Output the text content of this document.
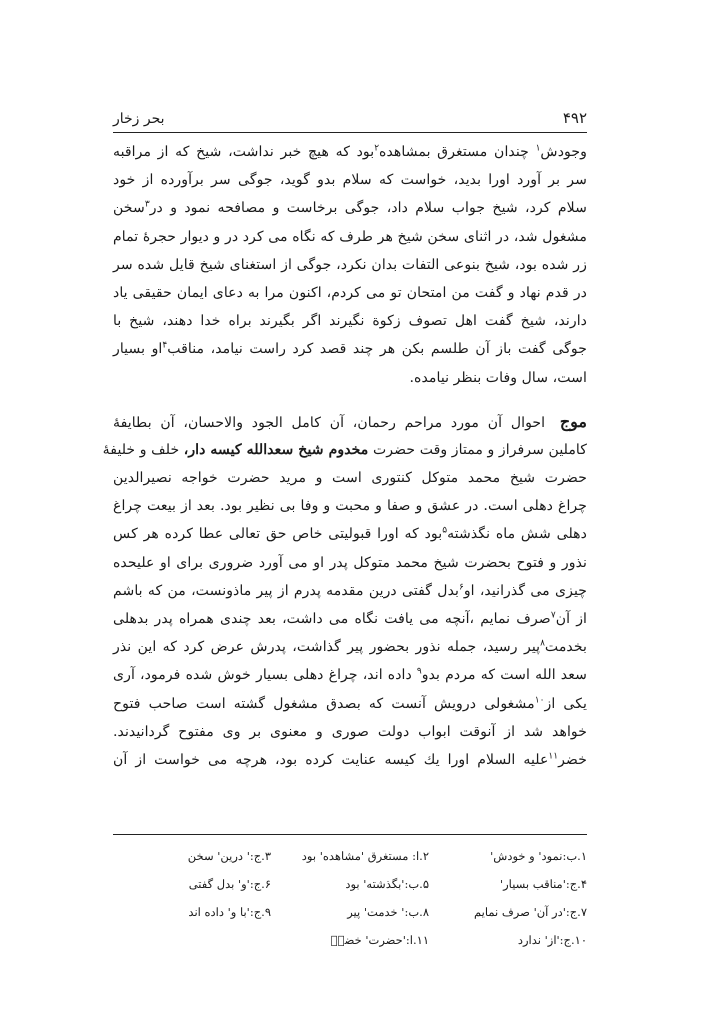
۴۹۲
بحر زخار
وجودش$^۱$ چندان مستغرق بمشاهده$^۲$بود که هیچ خبر نداشت، شیخ که از مراقبه
سر بر آورد اورا بدید، خواست که سلام بدو گوید، جوگی سر برآورده از خود
سلام کرد، شیخ جواب سلام داد، جوگی برخاست و مصافحه نمود و در$^۳$سخن
مشغول شد، در اثنای سخن شیخ هر طرف که نگاه می کرد در و دیوار حجرهٔ تمام
زر شده بود، شیخ بنوعی التفات بدان نکرد، جوگی از استغنای شیخ قایل شده سر
در قدم نهاد و گفت من امتحان تو می کردم، اکنون مرا به دعای ایمان حقیقی یاد
دارند، شیخ گفت اهل تصوف زکوة نگیرند اگر بگیرند براه خدا دهند، شیخ با
جوگی گفت باز آن طلسم بکن هر چند قصد کرد راست نیامد، مناقب$^۴$او بسیار
است، سال وفات بنظر نیامده.
موج احوال آن مورد مراحم رحمان، آن کامل الجود والاحسان، آن بطایفهٔ
کاملین سرفراز و ممتاز وقت حضرت مخدوم شیخ سعدالله کیسه دار، خلف و خلیفهٔ
حضرت شیخ محمد متوکل کنتوری است و مرید حضرت خواجه نصیرالدین
چراغ دهلی است. در عشق و صفا و محبت و وفا بی نظیر بود. بعد از بیعت چراغ
دهلی شش ماه نگذشته$^۵$بود که اورا قبولیتی خاص حق تعالی عطا کرده هر کس
نذور و فتوح بحضرت شیخ محمد متوکل پدر او می آورد ضروری برای او علیحده
چیزی می گذرانید، او$^۶$بدل گفتی درین مقدمه پدرم از پیر ماذونست، من که باشم
از آن$^۷$صرف نمایم ،آنچه می یافت نگاه می داشت، بعد چندی همراه پدر بدهلی
بخدمت$^۸$پیر رسید، جمله نذور بحضور پیر گذاشت، پدرش عرض کرد که این نذر
سعد الله است که مردم بدو$^۹$ داده اند، چراغ دهلی بسیار خوش شده فرمود، آری
یکی از$^{۱۰}$مشغولی درویش آنست که بصدق مشغول گشته است صاحب فتوح
خواهد شد از آنوقت ابواب دولت صوری و معنوی بر وی مفتوح گردانیدند.
خضر$^{۱۱}$علیه السلام اورا یك کیسه عنایت کرده بود، هرچه می خواست از آن
۱.ب:نمود' و خودش'
۲.ا: مستغرق 'مشاهده' بود
۳.ج:' درین' سخن
۴.ج:'مناقب بسیار'
۵.ب:'بگذشته' بود
۶.ج:'و' بدل گفتی
۷.ج:'در آن' صرف نمایم
۸.ب:' خدمت' پیر
۹.ج:'با و' داده اند
۱۰.ج:'از' ندارد
۱۱.ا:'حضرت' خضرؑ
